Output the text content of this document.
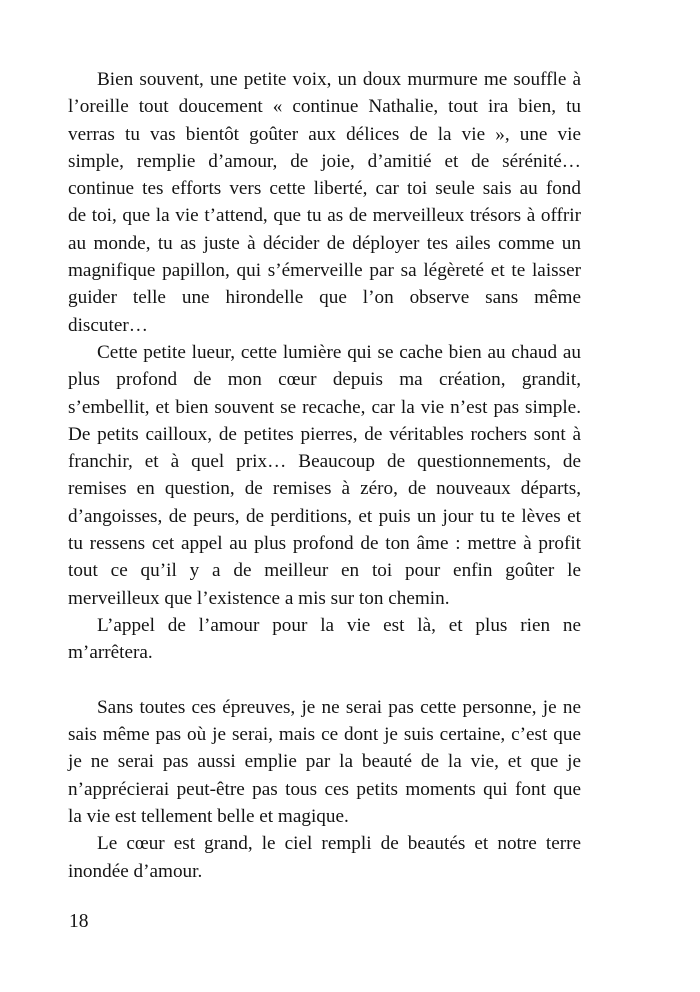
Bien souvent, une petite voix, un doux murmure me souffle à
l’oreille tout doucement « continue Nathalie, tout ira bien, tu
verras tu vas bientôt goûter aux délices de la vie », une vie
simple, remplie d’amour, de joie, d’amitié et de sérénité…
continue tes efforts vers cette liberté, car toi seule sais au fond
de toi, que la vie t’attend, que tu as de merveilleux trésors à offrir
au monde, tu as juste à décider de déployer tes ailes comme un
magnifique papillon, qui s’émerveille par sa légèreté et te laisser
guider telle une hirondelle que l’on observe sans même
discuter…
Cette petite lueur, cette lumière qui se cache bien au chaud au
plus profond de mon cœur depuis ma création, grandit,
s’embellit, et bien souvent se recache, car la vie n’est pas simple.
De petits cailloux, de petites pierres, de véritables rochers sont à
franchir, et à quel prix… Beaucoup de questionnements, de
remises en question, de remises à zéro, de nouveaux départs,
d’angoisses, de peurs, de perditions, et puis un jour tu te lèves et
tu ressens cet appel au plus profond de ton âme : mettre à profit
tout ce qu’il y a de meilleur en toi pour enfin goûter le
merveilleux que l’existence a mis sur ton chemin.
L’appel de l’amour pour la vie est là, et plus rien ne
m’arrêtera.
Sans toutes ces épreuves, je ne serai pas cette personne, je ne
sais même pas où je serai, mais ce dont je suis certaine, c’est que
je ne serai pas aussi emplie par la beauté de la vie, et que je
n’apprécierai peut-être pas tous ces petits moments qui font que
la vie est tellement belle et magique.
Le cœur est grand, le ciel rempli de beautés et notre terre
inondée d’amour.
18
